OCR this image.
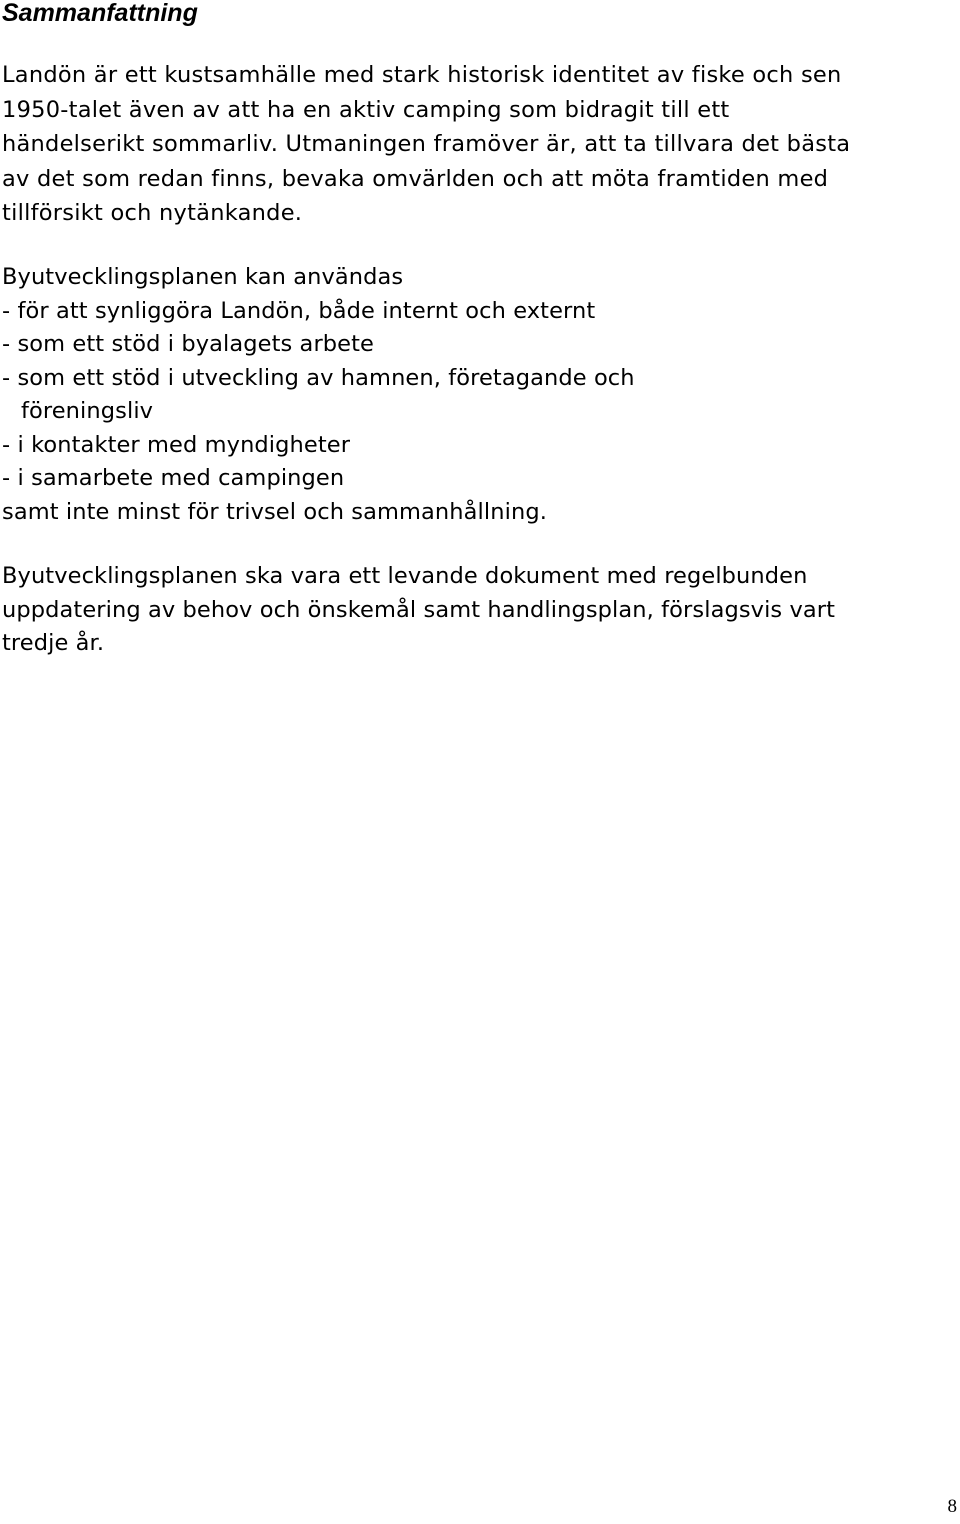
Sammanfattning

Landön är ett kustsamhälle med stark historisk identitet av fiske och sen
1950-talet även av att ha en aktiv camping som bidragit till ett
händelserikt sommarliv. Utmaningen framöver är, att ta tillvara det bästa
av det som redan finns, bevaka omvärlden och att möta framtiden med
tillförsikt och nytänkande.

Byutvecklingsplanen kan användas
- för att synliggöra Landön, både internt och externt
- som ett stöd i byalagets arbete
- som ett stöd i utveckling av hamnen, företagande och
föreningsliv
- i kontakter med myndigheter
- i samarbete med campingen
samt inte minst för trivsel och sammanhållning.

Byutvecklingsplanen ska vara ett levande dokument med regelbunden
uppdatering av behov och önskemål samt handlingsplan, förslagsvis vart
tredje år.

8
